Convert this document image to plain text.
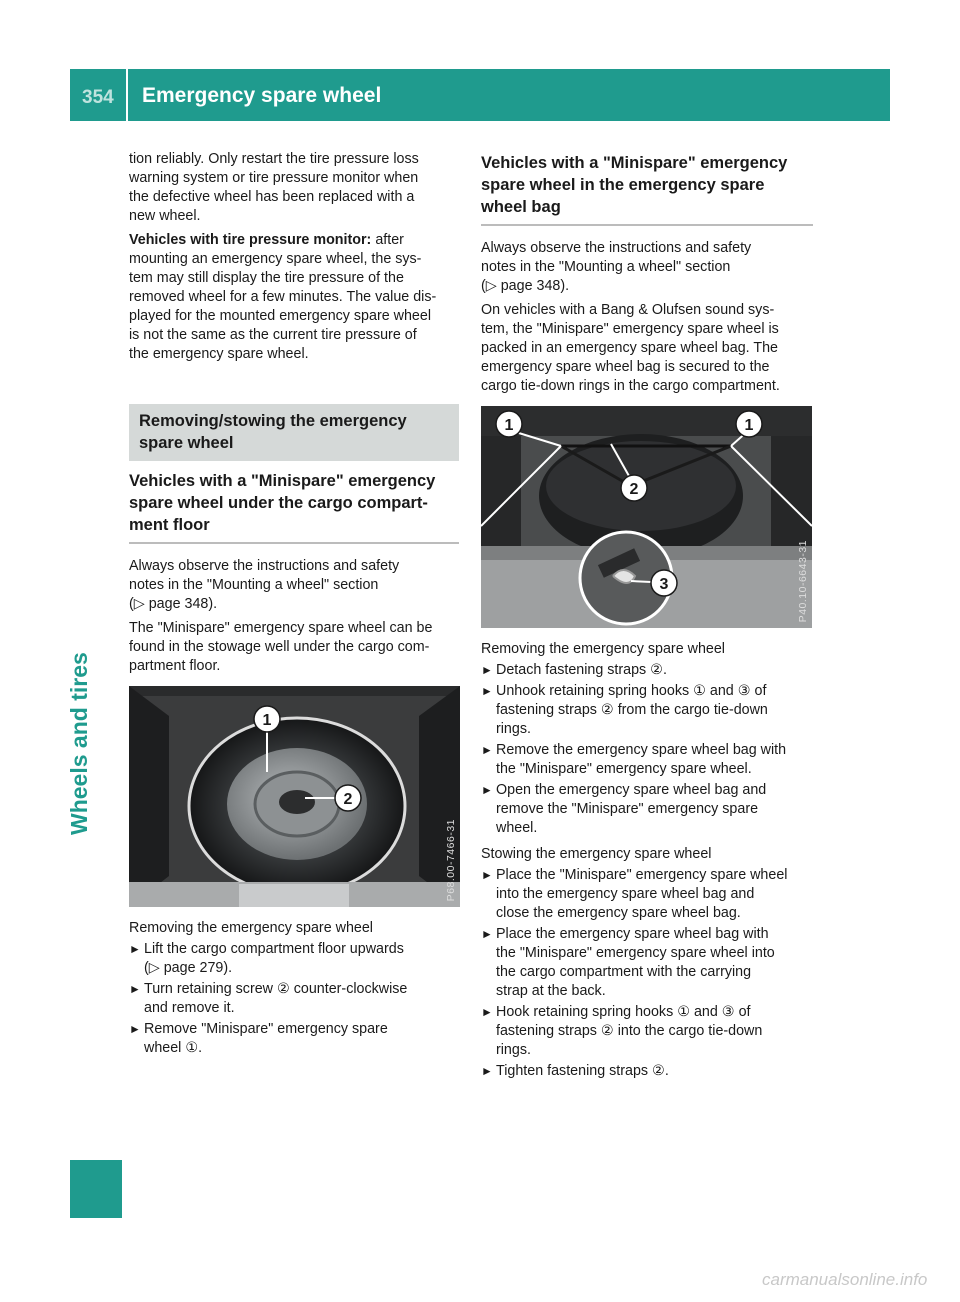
354 Emergency spare wheel
Wheels and tires

tion reliably. Only restart the tire pressure loss

warning system or tire pressure monitor when

the defective wheel has been replaced with a

new wheel.

Vehicles with tire pressure monitor: after

mounting an emergency spare wheel, the sys-

tem may still display the tire pressure of the

removed wheel for a few minutes. The value dis-

played for the mounted emergency spare wheel

is not the same as the current tire pressure of

the emergency spare wheel.

Removing/stowing the emergency
spare wheel
Vehicles with a "Minispare" emergency
spare wheel under the cargo compart-
ment floor

Always observe the instructions and safety

notes in the "Mounting a wheel" section

(▷ page 348).

The "Minispare" emergency spare wheel can be

found in the stowage well under the cargo com-

partment floor.

1
2
P68.00-7466-31

Removing the emergency spare wheel

► Lift the cargo compartment floor upwards

(▷ page 279).

► Turn retaining screw ② counter-clockwise

and remove it.

► Remove "Minispare" emergency spare

wheel ①.

Vehicles with a "Minispare" emergency
spare wheel in the emergency spare
wheel bag

Always observe the instructions and safety

notes in the "Mounting a wheel" section

(▷ page 348).

On vehicles with a Bang & Olufsen sound sys-

tem, the "Minispare" emergency spare wheel is

packed in an emergency spare wheel bag. The

emergency spare wheel bag is secured to the

cargo tie-down rings in the cargo compartment.

1	1
2
3	P40.10-6643-31

Removing the emergency spare wheel

► Detach fastening straps ②.

► Unhook retaining spring hooks ① and ③ of

fastening straps ② from the cargo tie-down

rings.

► Remove the emergency spare wheel bag with

the "Minispare" emergency spare wheel.

► Open the emergency spare wheel bag and

remove the "Minispare" emergency spare

wheel.

Stowing the emergency spare wheel

► Place the "Minispare" emergency spare wheel

into the emergency spare wheel bag and

close the emergency spare wheel bag.

► Place the emergency spare wheel bag with

the "Minispare" emergency spare wheel into

the cargo compartment with the carrying

strap at the back.

► Hook retaining spring hooks ① and ③ of

fastening straps ② into the cargo tie-down

rings.

► Tighten fastening straps ②.

carmanualsonline.info
